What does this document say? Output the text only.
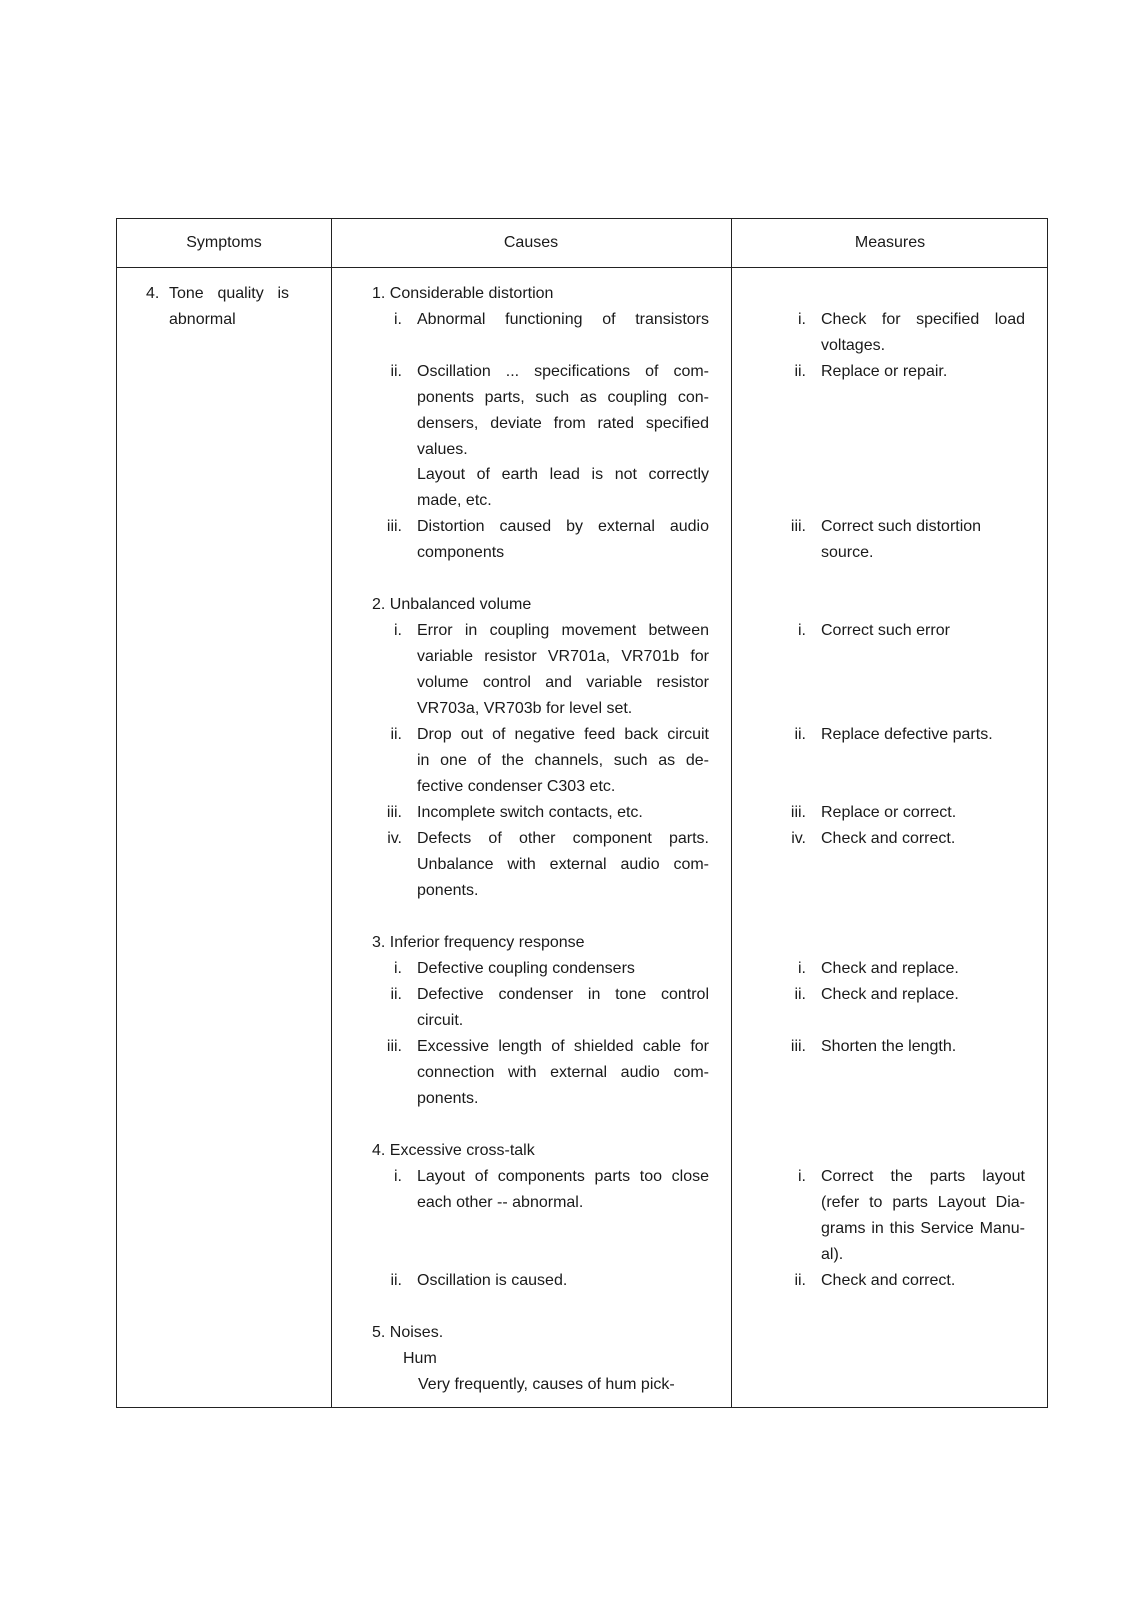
Symptoms	Causes	Measures
4. Tone quality is
abnormal
1. Considerable distortion
i. Abnormal functioning of transistors
ii. Oscillation ... specifications of com-
ponents parts, such as coupling con-
densers, deviate from rated specified
values.
Layout of earth lead is not correctly
made, etc.
iii. Distortion caused by external audio
components
2. Unbalanced volume
i. Error in coupling movement between
variable resistor VR701a, VR701b for
volume control and variable resistor
VR703a, VR703b for level set.
ii. Drop out of negative feed back circuit
in one of the channels, such as de-
fective condenser C303 etc.
iii. Incomplete switch contacts, etc.
iv. Defects of other component parts.
Unbalance with external audio com-
ponents.
3. Inferior frequency response
i. Defective coupling condensers
ii. Defective condenser in tone control
circuit.
iii. Excessive length of shielded cable for
connection with external audio com-
ponents.
4. Excessive cross-talk
i. Layout of components parts too close
each other -- abnormal.
ii. Oscillation is caused.
5. Noises.
Hum
Very frequently, causes of hum pick-
i. Check for specified load
voltages.
ii. Replace or repair.
iii. Correct such distortion
source.
i. Correct such error
ii. Replace defective parts.
iii. Replace or correct.
iv. Check and correct.
i. Check and replace.
ii. Check and replace.
iii. Shorten the length.
i. Correct the parts layout
(refer to parts Layout Dia-
grams in this Service Manu-
al).
ii. Check and correct.
